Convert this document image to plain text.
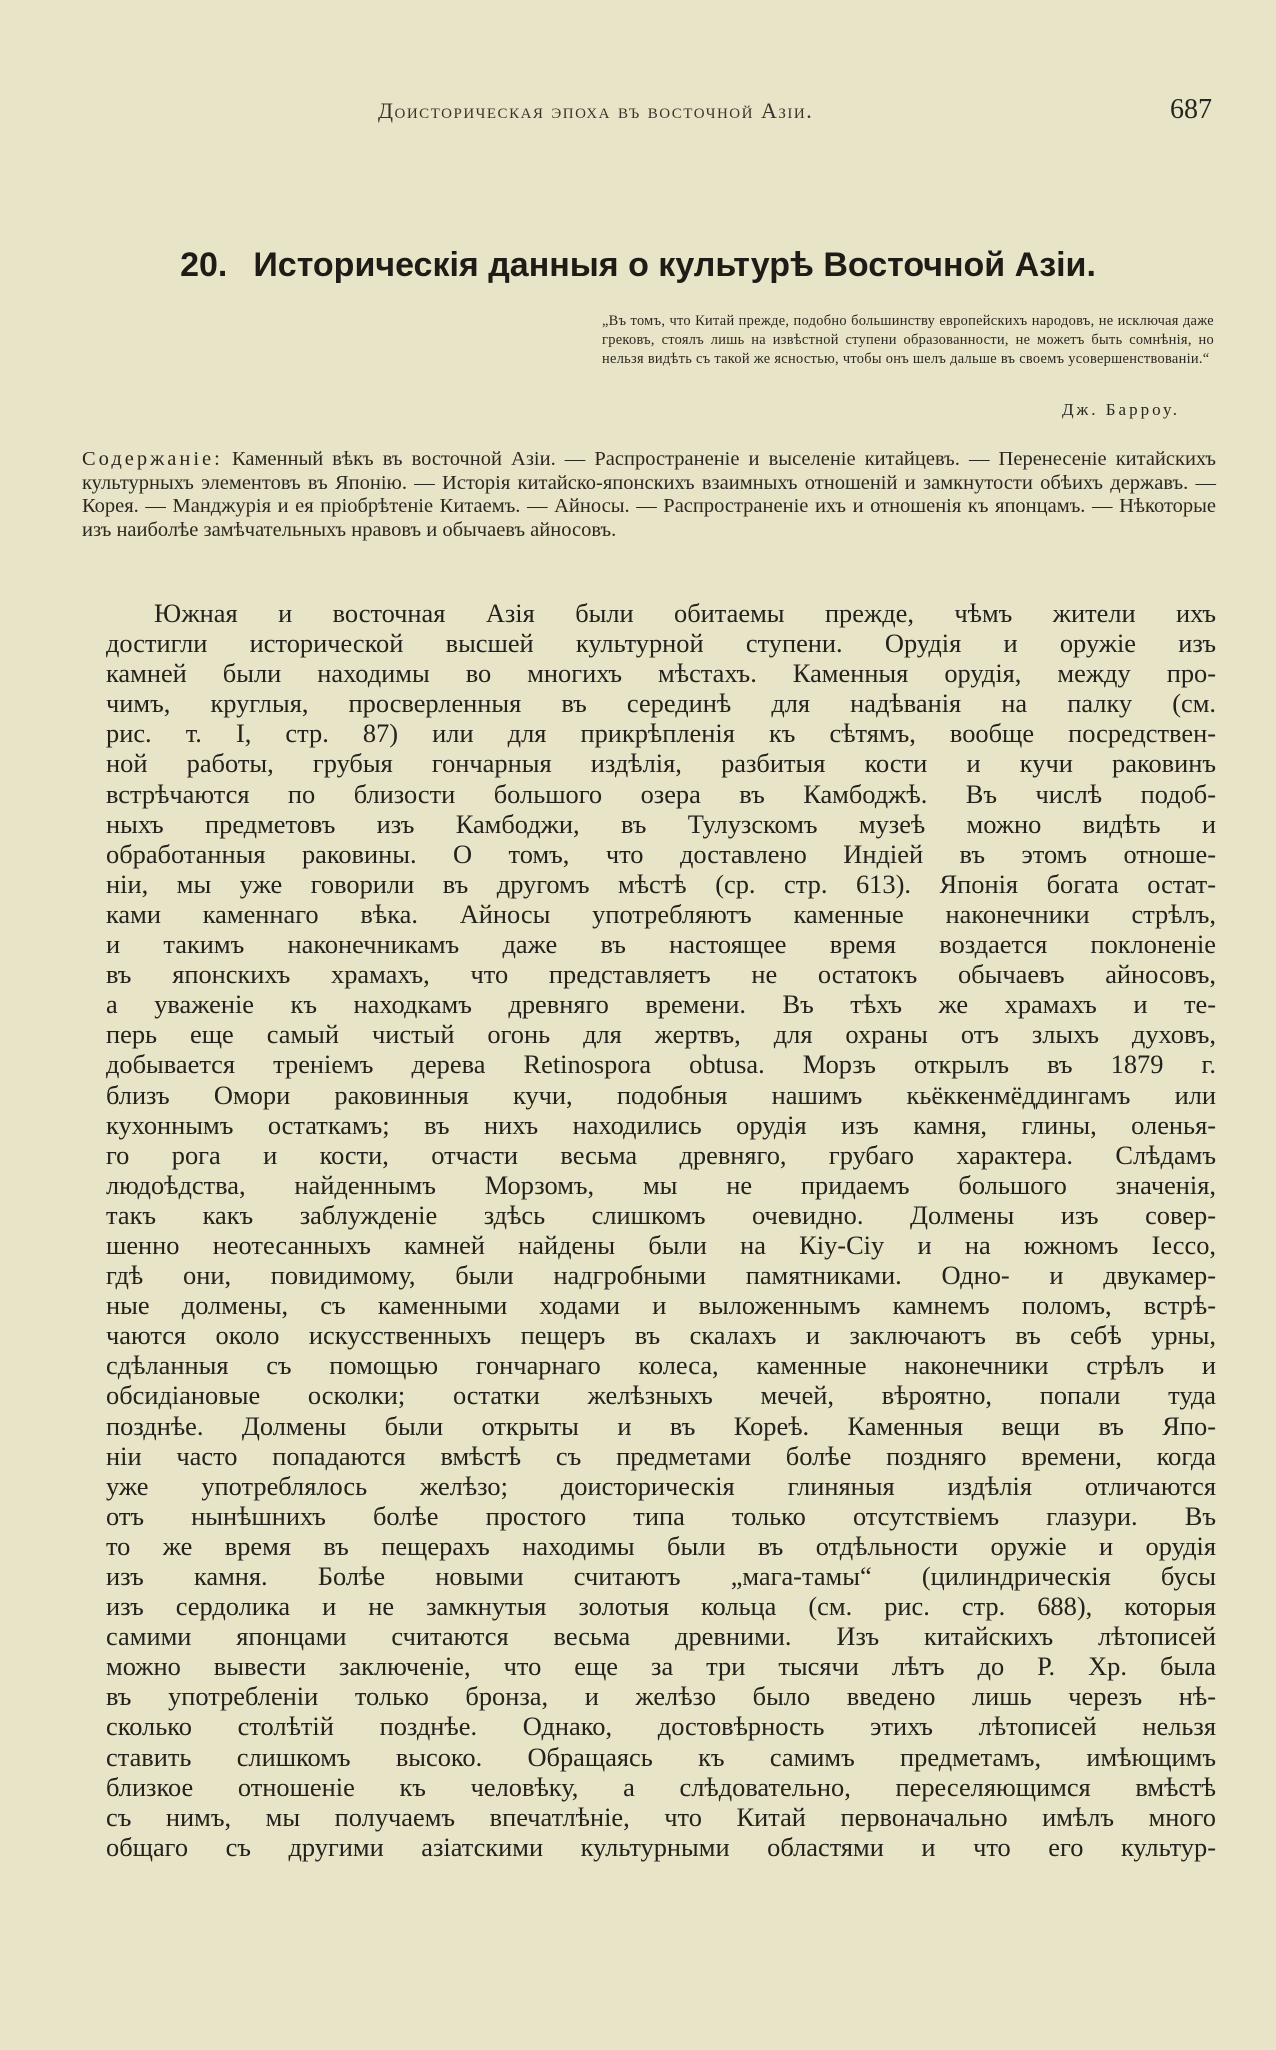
Доисторическая эпоха въ восточной Азіи.	687
20. Историческія данныя о культурѣ Восточной Азіи.
„Въ томъ, что Китай прежде, подобно большинству европейскихъ народовъ, не исключая даже грековъ, стоялъ лишь на извѣстной ступени образованности, не можетъ быть сомнѣнія, но нельзя видѣть съ такой же ясностью, чтобы онъ шелъ дальше въ своемъ усовершенствованіи.“
Дж. Барроу.
Содержаніе: Каменный вѣкъ въ восточной Азіи. — Распространеніе и выселеніе китайцевъ. — Перенесеніе китайскихъ культурныхъ элементовъ въ Японію. — Исторія китайско-японскихъ взаимныхъ отношеній и замкнутости обѣихъ державъ. — Корея. — Манджурія и ея пріобрѣтеніе Китаемъ. — Айносы. — Распространеніе ихъ и отношенія къ японцамъ. — Нѣкоторые изъ наиболѣе замѣчательныхъ нравовъ и обычаевъ айносовъ.
Южная и восточная Азія были обитаемы прежде, чѣмъ жители ихъ
достигли исторической высшей культурной ступени. Орудія и оружіе изъ
камней были находимы во многихъ мѣстахъ. Каменныя орудія, между про-
чимъ, круглыя, просверленныя въ серединѣ для надѣванія на палку (см.
рис. т. I, стр. 87) или для прикрѣпленія къ сѣтямъ, вообще посредствен-
ной работы, грубыя гончарныя издѣлія, разбитыя кости и кучи раковинъ
встрѣчаются по близости большого озера въ Камбоджѣ. Въ числѣ подоб-
ныхъ предметовъ изъ Камбоджи, въ Тулузскомъ музеѣ можно видѣть и
обработанныя раковины. О томъ, что доставлено Индіей въ этомъ отноше-
ніи, мы уже говорили въ другомъ мѣстѣ (ср. стр. 613). Японія богата остат-
ками каменнаго вѣка. Айносы употребляютъ каменные наконечники стрѣлъ,
и такимъ наконечникамъ даже въ настоящее время воздается поклоненіе
въ японскихъ храмахъ, что представляетъ не остатокъ обычаевъ айносовъ,
а уваженіе къ находкамъ древняго времени. Въ тѣхъ же храмахъ и те-
перь еще самый чистый огонь для жертвъ, для охраны отъ злыхъ духовъ,
добывается треніемъ дерева Retinospora obtusa. Морзъ открылъ въ 1879 г.
близъ Омори раковинныя кучи, подобныя нашимъ кьёккенмёддингамъ или
кухоннымъ остаткамъ; въ нихъ находились орудія изъ камня, глины, оленья-
го рога и кости, отчасти весьма древняго, грубаго характера. Слѣдамъ
людоѣдства, найденнымъ Морзомъ, мы не придаемъ большого значенія,
такъ какъ заблужденіе здѣсь слишкомъ очевидно. Долмены изъ совер-
шенно неотесанныхъ камней найдены были на Кіу-Сіу и на южномъ Іессо,
гдѣ они, повидимому, были надгробными памятниками. Одно- и двукамер-
ные долмены, съ каменными ходами и выложеннымъ камнемъ поломъ, встрѣ-
чаются около искусственныхъ пещеръ въ скалахъ и заключаютъ въ себѣ урны,
сдѣланныя съ помощью гончарнаго колеса, каменные наконечники стрѣлъ и
обсидіановые осколки; остатки желѣзныхъ мечей, вѣроятно, попали туда
позднѣе. Долмены были открыты и въ Кореѣ. Каменныя вещи въ Япо-
ніи часто попадаются вмѣстѣ съ предметами болѣе поздняго времени, когда
уже употреблялось желѣзо; доисторическія глиняныя издѣлія отличаются
отъ нынѣшнихъ болѣе простого типа только отсутствіемъ глазури. Въ
то же время въ пещерахъ находимы были въ отдѣльности оружіе и орудія
изъ камня. Болѣе новыми считаютъ „мага-тамы“ (цилиндрическія бусы
изъ сердолика и не замкнутыя золотыя кольца (см. рис. стр. 688), которыя
самими японцами считаются весьма древними. Изъ китайскихъ лѣтописей
можно вывести заключеніе, что еще за три тысячи лѣтъ до Р. Хр. была
въ употребленіи только бронза, и желѣзо было введено лишь черезъ нѣ-
сколько столѣтій позднѣе. Однако, достовѣрность этихъ лѣтописей нельзя
ставить слишкомъ высоко. Обращаясь къ самимъ предметамъ, имѣющимъ
близкое отношеніе къ человѣку, а слѣдовательно, переселяющимся вмѣстѣ
съ нимъ, мы получаемъ впечатлѣніе, что Китай первоначально имѣлъ много
общаго съ другими азіатскими культурными областями и что его культур-
